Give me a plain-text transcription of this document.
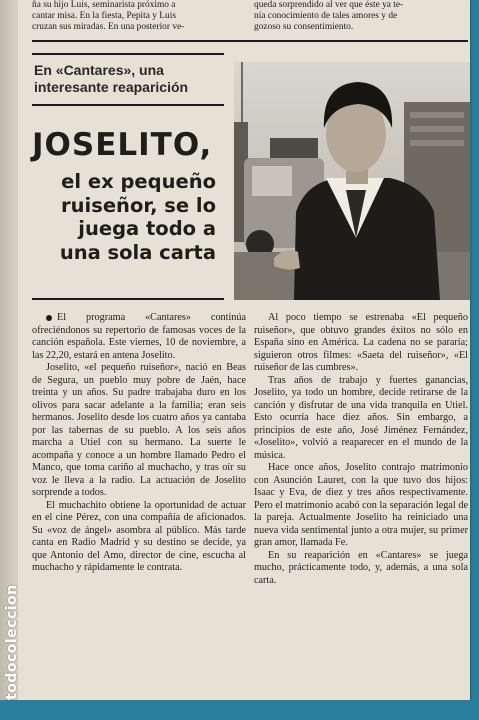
ña su hijo Luis, seminarista próximo a
cantar misa. En la fiesta, Pepita y Luis
cruzan sus miradas. En una posterior ve-
queda sorprendido al ver que éste ya te-
nía conocimiento de tales amores y de
gozoso su consentimiento.
En «Cantares», una interesante reaparición
JOSELITO,
el ex pequeño ruiseñor, se lo juega todo a una sola carta

El programa «Cantares» continúa ofreciéndonos su repertorio de famosas voces de la canción española. Este viernes, 10 de noviembre, a las 22,20, estará en antena Joselito.

Joselito, «el pequeño ruiseñor», nació en Beas de Segura, un pueblo muy pobre de Jaén, hace treinta y un años. Su padre trabajaba duro en los olivos para sacar adelante a la familia; eran seis hermanos. Joselito desde los cuatro años ya cantaba por las tabernas de su pueblo. A los seis años marcha a Utiel con su hermano. La suerte le acompaña y conoce a un hombre llamado Pedro el Manco, que toma cariño al muchacho, y tras oír su voz le lleva a la radio. La actuación de Joselito sorprende a todos.

El muchachito obtiene la oportunidad de actuar en el cine Pérez, con una compañía de aficionados. Su «voz de ángel» asombra al público. Más tarde canta en Radio Madrid y su destino se decide, ya que Antonio del Amo, director de cine, escucha al muchacho y rápidamente le contrata.

Al poco tiempo se estrenaba «El pequeño ruiseñor», que obtuvo grandes éxitos no sólo en España sino en América. La cadena no se pararía; siguieron otros filmes: «Saeta del ruiseñor», «El ruiseñor de las cumbres».

Tras años de trabajo y fuertes ganancias, Joselito, ya todo un hombre, decide retirarse de la canción y disfrutar de una vida tranquila en Utiel. Esto ocurría hace diez años. Sin embargo, a principios de este año, José Jiménez Fernández, «Joselito», volvió a reaparecer en el mundo de la música.

Hace once años, Joselito contrajo matrimonio con Asunción Lauret, con la que tuvo dos hijos: Isaac y Eva, de diez y tres años respectivamente. Pero el matrimonio acabó con la separación legal de la pareja. Actualmente Joselito ha reiniciado una nueva vida sentimental junto a otra mujer, su primer gran amor, llamada Fe.

En su reaparición en «Cantares» se juega mucho, prácticamente todo, y, además, a una sola carta.

todocoleccion
